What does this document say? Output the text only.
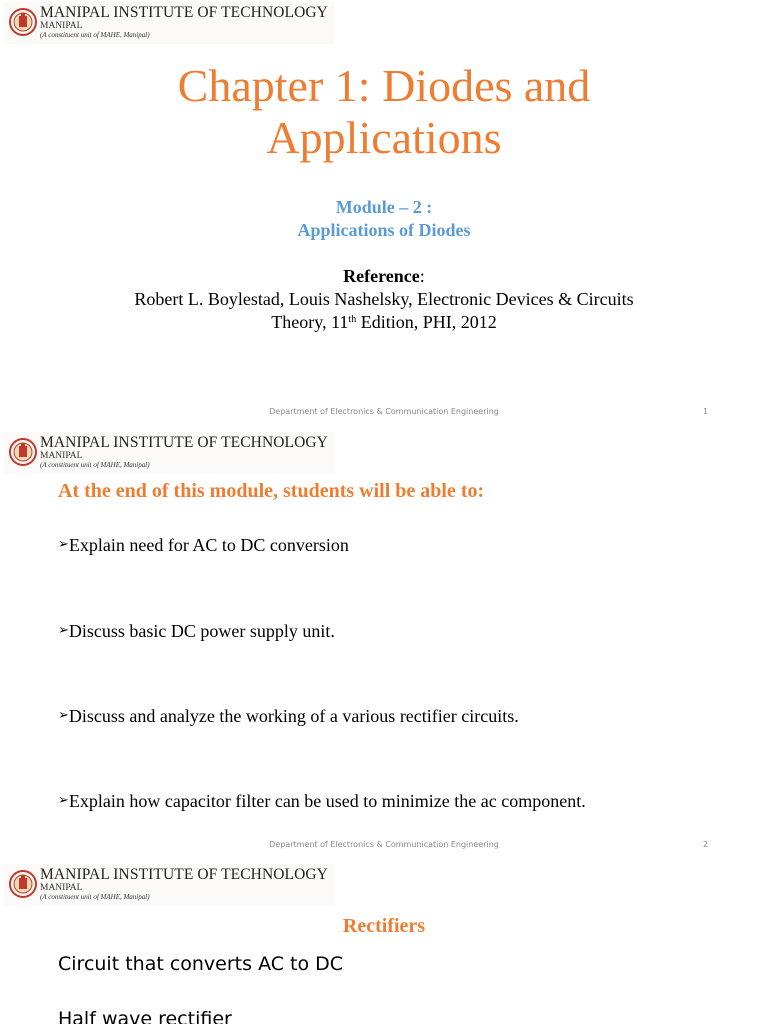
MANIPAL INSTITUTE OF TECHNOLOGY
MANIPAL
(A constituent unit of MAHE, Manipal)
Chapter 1: Diodes and
Applications
Module – 2 :
Applications of Diodes
Reference:
Robert L. Boylestad, Louis Nashelsky, Electronic Devices & Circuits
Theory, 11th Edition, PHI, 2012
Department of Electronics & Communication Engineering	1
MANIPAL INSTITUTE OF TECHNOLOGY
MANIPAL
(A constituent unit of MAHE, Manipal)
At the end of this module, students will be able to:
➢Explain need for AC to DC conversion
➢Discuss basic DC power supply unit.
➢Discuss and analyze the working of a various rectifier circuits.
➢Explain how capacitor filter can be used to minimize the ac component.
Department of Electronics & Communication Engineering	2
MANIPAL INSTITUTE OF TECHNOLOGY
MANIPAL
(A constituent unit of MAHE, Manipal)
Rectifiers
Circuit that converts AC to DC
Half wave rectifier
